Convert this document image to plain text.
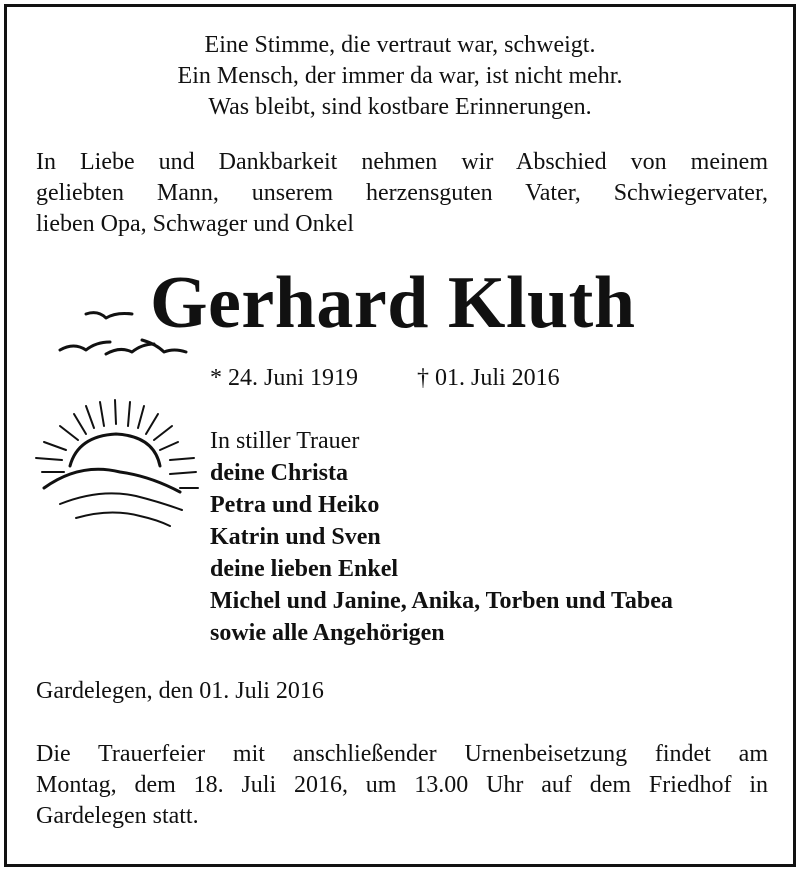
Eine Stimme, die vertraut war, schweigt.
Ein Mensch, der immer da war, ist nicht mehr.
Was bleibt, sind kostbare Erinnerungen.
In Liebe und Dankbarkeit nehmen wir Abschied von meinem
geliebten Mann, unserem herzensguten Vater, Schwiegervater,
lieben Opa, Schwager und Onkel
Gerhard Kluth
* 24. Juni 1919 † 01. Juli 2016
In stiller Trauer
deine Christa
Petra und Heiko
Katrin und Sven
deine lieben Enkel
Michel und Janine, Anika, Torben und Tabea
sowie alle Angehörigen
Gardelegen, den 01. Juli 2016
Die Trauerfeier mit anschließender Urnenbeisetzung findet am
Montag, dem 18. Juli 2016, um 13.00 Uhr auf dem Friedhof in
Gardelegen statt.
